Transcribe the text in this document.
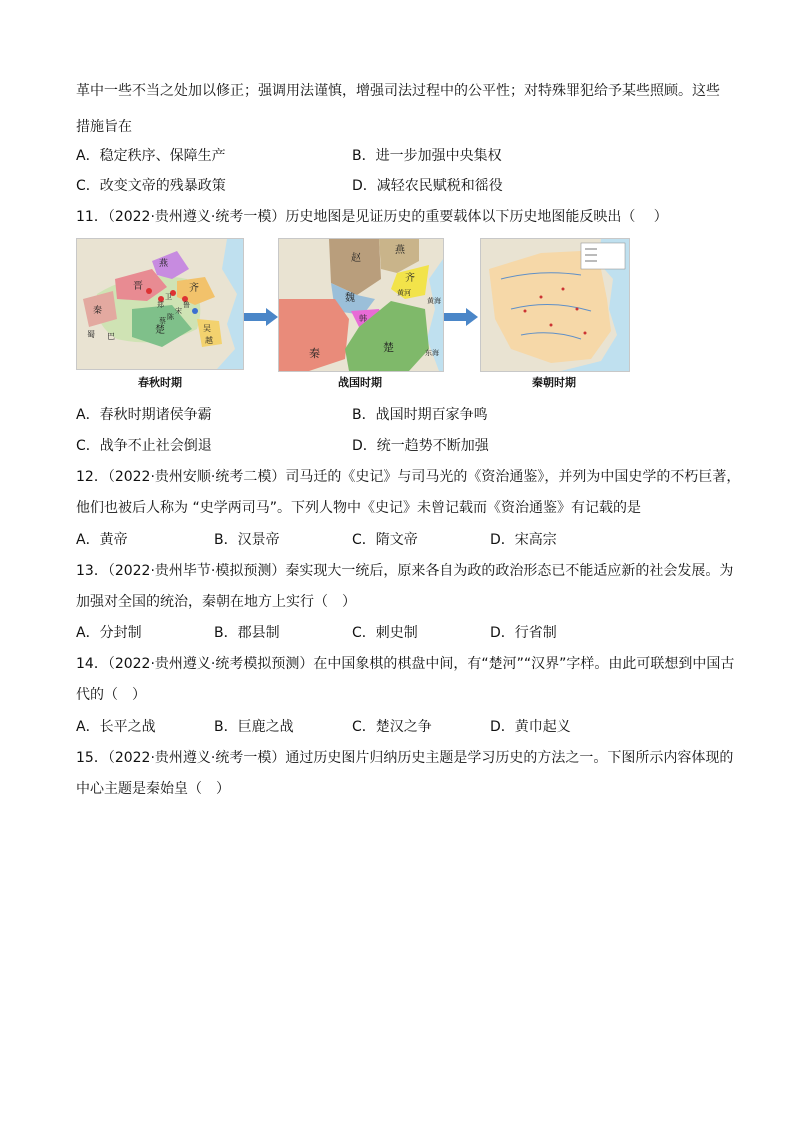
革中一些不当之处加以修正；强调用法谨慎，增强司法过程中的公平性；对特殊罪犯给予某些照顾。这些
措施旨在
A．稳定秩序、保障生产	B．进一步加强中央集权
C．改变文帝的残暴政策	D．减轻农民赋税和徭役
11．（2022·贵州遵义·统考一模）历史地图是见证历史的重要载体以下历史地图能反映出（　 ）
燕
晋	齐
楚
秦
鲁
宋
郑
卫
陈
蔡
吴
越
巴
蜀
燕
赵
齐
魏
韩
秦	楚
黄河
黄海
东海
春秋时期	战国时期	秦朝时期
A．春秋时期诸侯争霸	B．战国时期百家争鸣
C．战争不止社会倒退	D．统一趋势不断加强
12．（2022·贵州安顺·统考二模）司马迁的《史记》与司马光的《资治通鉴》，并列为中国史学的不朽巨著，
他们也被后人称为 “史学两司马”。下列人物中《史记》未曾记载而《资治通鉴》有记载的是
A．黄帝	B．汉景帝	C．隋文帝	D．宋高宗
13．（2022·贵州毕节·模拟预测）秦实现大一统后，原来各自为政的政治形态已不能适应新的社会发展。为
加强对全国的统治，秦朝在地方上实行（　）
A．分封制	B．郡县制	C．刺史制	D．行省制
14．（2022·贵州遵义·统考模拟预测）在中国象棋的棋盘中间，有“楚河”“汉界”字样。由此可联想到中国古
代的（　）
A．长平之战	B．巨鹿之战	C．楚汉之争	D．黄巾起义
15．（2022·贵州遵义·统考一模）通过历史图片归纳历史主题是学习历史的方法之一。下图所示内容体现的
中心主题是秦始皇（　）
